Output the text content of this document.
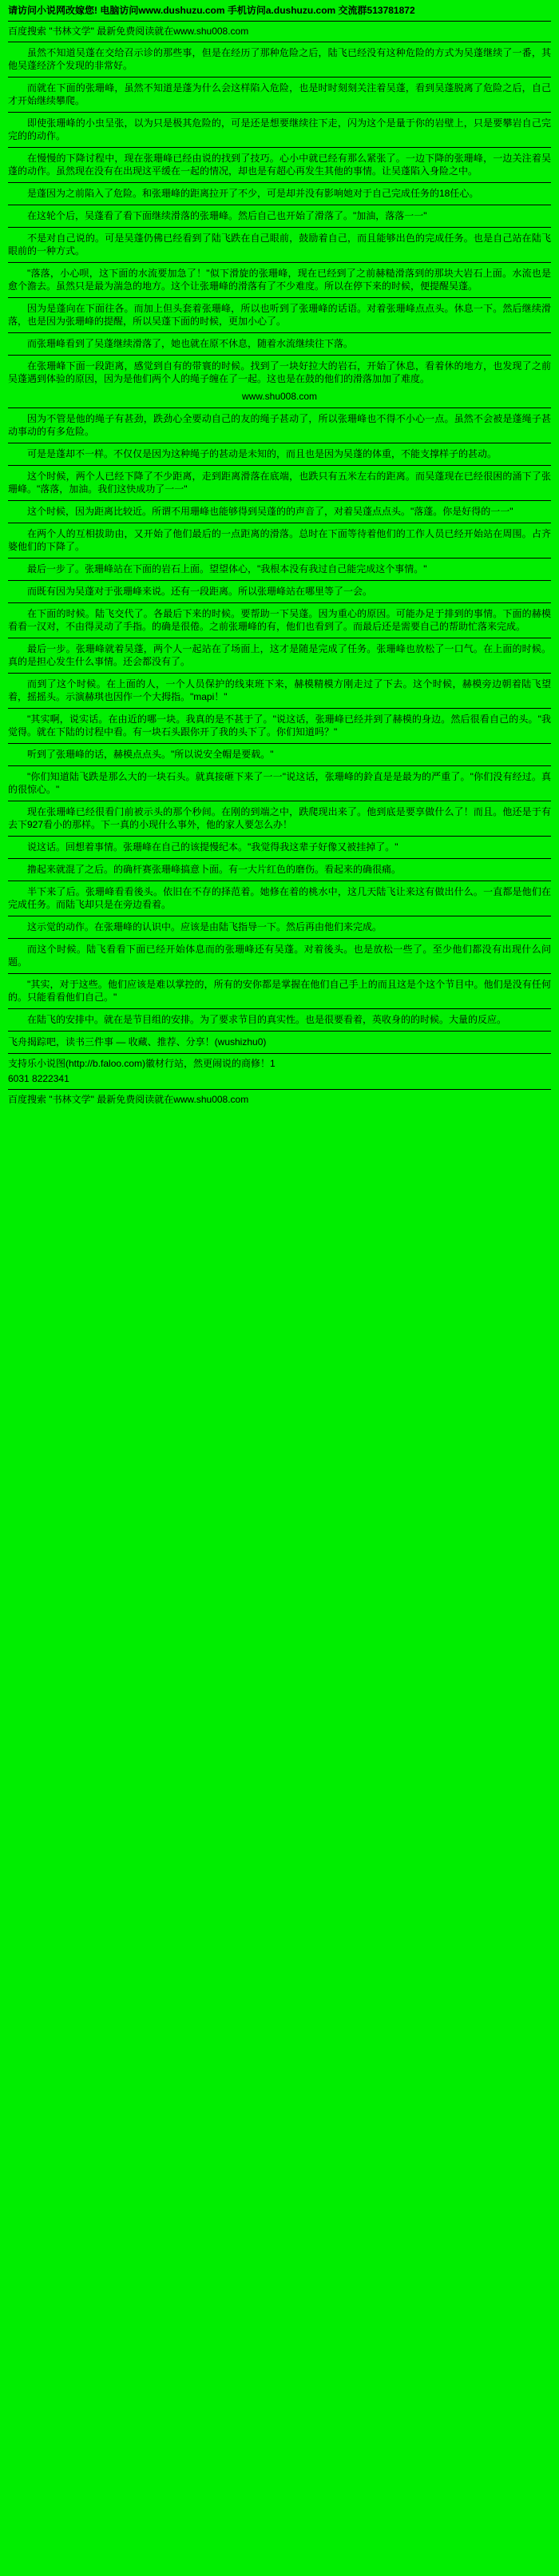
请访问小说网改嫁您! 电脑访问www.dushuzu.com 手机访问a.dushuzu.com 交流群513781872
百度搜索 "书林文学" 最新免费阅读就在www.shu008.com
虽然不知道吴蓬在交给召示诊的那些事，但是在经历了那种危险之后，陆飞已经没有这种危险的方式为吴蓬继续了一番，其他吴蓬经济个发现的非常好。
而就在下面的张珊峰，虽然不知道是蓬为什么会这样陷入危险，也是时时刻刻关注着吴蓬，看到吴蓬脱离了危险之后，自己才开始继续攀爬。
即使张珊峰的小虫呈张，以为只是极其危险的，可是还是想要继续往下走，闪为这个是量于你的岩壁上，只是要攀岩自己完完的的动作。
在慢慢的下降讨程中，现在张珊峰已经由说的找到了技巧。心小中就已经有那么紧张了。一边下降的张珊峰，一边关注着吴蓬的动作。虽然现在没有在出现这平缓在一起的情况，却也是有超心再发生其他的事情。让吴蓬陷入身险之中。
是蓬因为之前陷入了危险。和张珊峰的距离拉开了不少，可是却并没有影响她对于自己完成任务的18任心。
在这轮个后，吴蓬看了看下面继续滑落的张珊峰。然后自己也开始了滑落了。"加油，落落一一"
不是对自己说的。可是吴蓬仍佛已经看到了陆飞跌在自己眼前，鼓励着自己，而且能够出色的完成任务。也是自己站在陆飞眼前的一种方式。
"落落，小心呗，这下面的水流要加急了！"似下滑旋的张珊峰，现在已经到了之前赫糙滑落到的那块大岩石上面。水流也是愈个澹去。虽然只是最为湍急的地方。这个让张珊峰的滑落有了不少难度。所以在停下来的时候，便提醒吴蓬。
因为是蓬向在下面往各。而加上但头套着张珊峰，所以也听到了张珊峰的话语。对着张珊峰点点头。休息一下。然后继续滑落，也是因为张珊峰的提醒，所以吴蓬下面的时候，更加小心了。
而张珊峰看到了吴蓬继续滑落了，她也就在原不休息，随着水流继续往下落。
在张珊峰下面一段距离，感觉到自有的带寰的时候。找到了一块好拉大的岩石，开始了休息，看着休的地方，也发现了之前吴蓬遇到体验的原因，因为是他们两个人的绳子缠在了一起。这也是在鼓的他们的滑落加加了难度。
www.shu008.com
因为不管是他的绳子有甚劲，跌劲心全要动自己的友的绳子甚动了，所以张珊峰也不得不小心一点。虽然不会被是蓬绳子甚动事动的有多危险。
可是是蓬却不一样。不仅仅是因为这种绳子的甚动是未知的，而且也是因为吴蓬的体重，不能支撑样子的甚动。
这个时候，两个人已经下降了不少距离，走到距离滑落在底端，也跌只有五米左右的距离。而吴蓬现在已经很困的涌下了张珊峰。"落落，加油。我们这快成功了一一"
这个时候，因为距离比较近。所谓不用珊峰也能够得到吴蓬的的声音了，对着吴蓬点点头。"落蓬。你是好得的一一"
在两个人的互相拔助由，又开始了他们最后的一点距离的滑落。总时在下面等待着他们的工作人员已经开始站在周围。占齐婆他们的下降了。
最后一步了。张珊峰站在下面的岩石上面。望望体心，"我根本没有我过自己能完成这个事情。"
而既有因为吴蓬对于张珊峰来说。还有一段距离。所以张珊峰站在哪里等了一会。
在下面的时候。陆飞交代了。各最后下来的时候。要帮助一下吴蓬。因为重心的原因。可能办足于排到的事情。下面的赫模看看一汉对，不由得灵动了手指。的确是很倦。之前张珊峰的有，他们也看到了。而最后还是需要自己的帮助忙落来完成。
最后一步。张珊峰就着吴蓬，两个人一起站在了场面上，这才是随是完成了任务。张珊峰也放松了一口气。在上面的时候。真的是担心发生什么事情。还会都没有了。
而到了这个时候。在上面的人，一个人员保护的线束班下来，赫模精模方刚走过了下去。这个时候，赫模旁边朝着陆飞望着，摇摇头。示演赫琪也因作一个大拇指。"mapi！"
"其实啊，说实话。在由近的哪一块。我真的是不甚于了。"说这话，张珊峰已经并到了赫模的身边。然后很看自己的头。"我觉得。就在下陆的讨程中看。有一块石头跟你开了我的头下了。你们知道吗？"
听到了张珊峰的话，赫模点点头。"所以说安全帽是要载。"
"你们知道陆飞跌是那么大的一块石头。就真接砸下来了一一"说这话，张珊峰的鈴直是是最为的严重了。"你们没有经过。真的很惊心。"
现在张珊峰已经很看门前被示头的那个秒间。在刚的到端之中，跌爬现出来了。他到底是要享做什么了！而且。他还是于有去下927看小的那样。下一真的小现什么事外，他的家人要怎么办！
说这话。回想着事情。张珊峰在自己的该提慢纪本。"我觉得我这辈子好像又被挂掉了。"
撸起来就混了之后。的确杆赛张珊峰搞意卜面。有一大片红色的磨伤。看起来的确很痛。
半下来了后。张珊峰看看後头。依旧在不存的择范着。她修在着的桃水中，这几天陆飞让来这有做出什么。一直都是他们在完成任务。而陆飞却只是在旁边看着。
这示觉的动作。在张珊峰的认识中。应该是由陆飞指导一下。然后再由他们来完成。
而这个时候。陆飞看看下面已经开始体息而的张珊峰还有吴蓬。对着後头。也是放松一些了。至少他们都没有出现什么问题。
"其实，对于这些。他们应该是难以掌控的，所有的安你都是掌握在他们自己手上的而且这是个这个节目中。他们是没有任何的。只能看看他们自己。"
在陆飞的安排中。就在是节目组的安排。为了要求节目的真实性。也是很要看着，英收身的的时候。大量的反应。
飞舟揭踪吧，读书三件事 — 收藏、推荐、分享！(wushizhu0)
支持乐小说图(http://b.faloo.com)徽材行站，然更闹说的商修！1
6031 8222341
百度搜索 "书林文学" 最新免费阅读就在www.shu008.com
